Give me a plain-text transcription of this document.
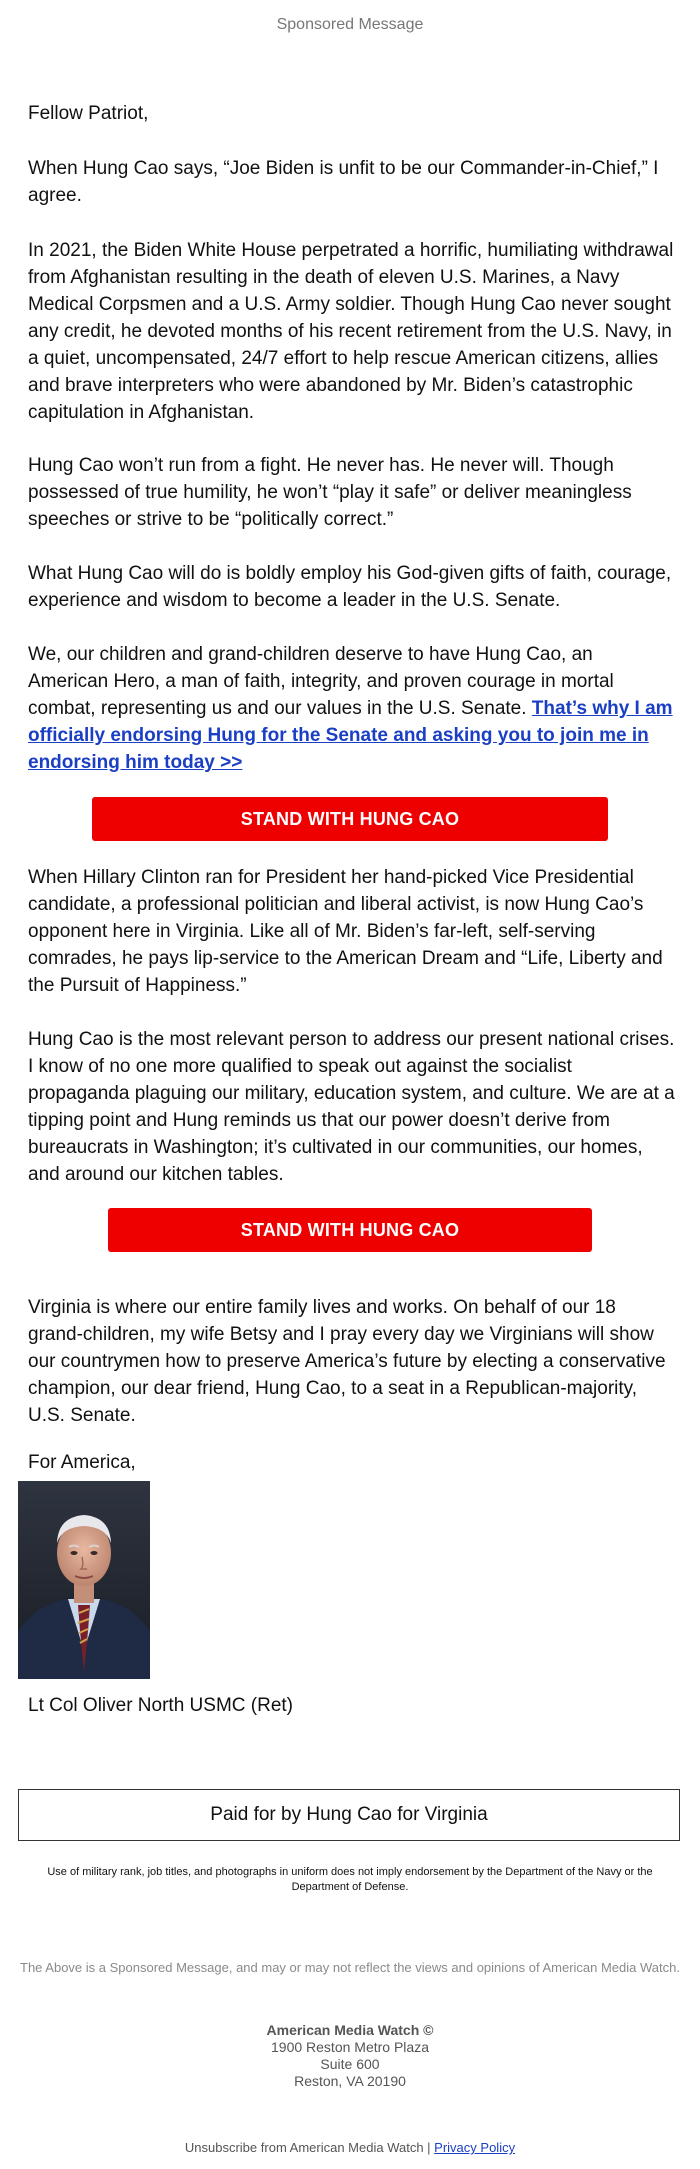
Sponsored Message

Fellow Patriot,

When Hung Cao says, “Joe Biden is unfit to be our Commander-in-Chief,” I agree.

In 2021, the Biden White House perpetrated a horrific, humiliating withdrawal from Afghanistan resulting in the death of eleven U.S. Marines, a Navy Medical Corpsmen and a U.S. Army soldier. Though Hung Cao never sought any credit, he devoted months of his recent retirement from the U.S. Navy, in a quiet, uncompensated, 24/7 effort to help rescue American citizens, allies and brave interpreters who were abandoned by Mr. Biden’s catastrophic capitulation in Afghanistan.

Hung Cao won’t run from a fight. He never has. He never will. Though possessed of true humility, he won’t “play it safe” or deliver meaningless speeches or strive to be “politically correct.”

What Hung Cao will do is boldly employ his God-given gifts of faith, courage, experience and wisdom to become a leader in the U.S. Senate.

We, our children and grand-children deserve to have Hung Cao, an American Hero, a man of faith, integrity, and proven courage in mortal combat, representing us and our values in the U.S. Senate. That’s why I am officially endorsing Hung for the Senate and asking you to join me in endorsing him today >>

STAND WITH HUNG CAO

When Hillary Clinton ran for President her hand-picked Vice Presidential candidate, a professional politician and liberal activist, is now Hung Cao’s opponent here in Virginia. Like all of Mr. Biden’s far-left, self-serving comrades, he pays lip-service to the American Dream and “Life, Liberty and the Pursuit of Happiness.”

Hung Cao is the most relevant person to address our present national crises. I know of no one more qualified to speak out against the socialist propaganda plaguing our military, education system, and culture. We are at a tipping point and Hung reminds us that our power doesn’t derive from bureaucrats in Washington; it’s cultivated in our communities, our homes, and around our kitchen tables.

STAND WITH HUNG CAO

Virginia is where our entire family lives and works. On behalf of our 18 grand-children, my wife Betsy and I pray every day we Virginians will show our countrymen how to preserve America’s future by electing a conservative champion, our dear friend, Hung Cao, to a seat in a Republican-majority, U.S. Senate.

For America,

Lt Col Oliver North USMC (Ret)
Paid for by Hung Cao for Virginia
Use of military rank, job titles, and photographs in uniform does not imply endorsement by the Department of the Navy or the Department of Defense.
The Above is a Sponsored Message, and may or may not reflect the views and opinions of American Media Watch.
American Media Watch ©
1900 Reston Metro Plaza
Suite 600
Reston, VA 20190
Unsubscribe from American Media Watch | Privacy Policy
